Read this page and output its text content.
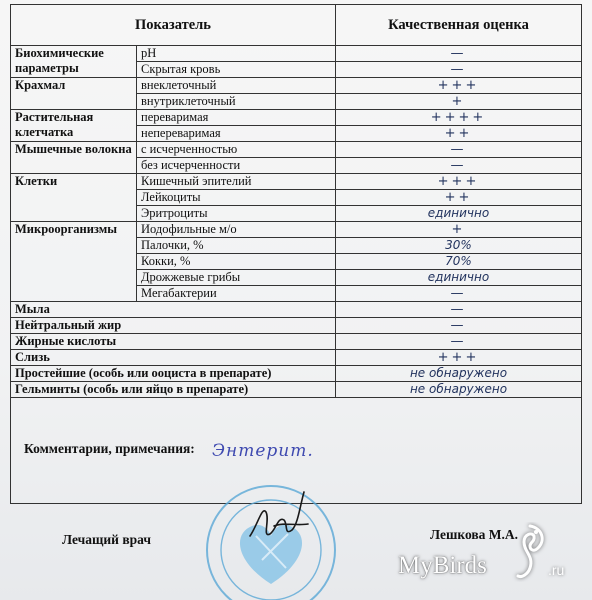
Показатель		Качественная оценка
Биохимические параметры	pH	—
	Скрытая кровь	—
Крахмал	внеклеточный	+++
	внутриклеточный	+
Растительная клетчатка	переваримая	++++
	непереваримая	++
Мышечные волокна	с исчерченностью	—
	без исчерченности	—
Клетки	Кишечный эпителий	+++
	Лейкоциты	++
	Эритроциты	единично
Микроорганизмы	Иодофильные м/о	+
	Палочки, %	30%
	Кокки, %	70%
	Дрожжевые грибы	единично
	Мегабактерии	—
Мыла		—
Нейтральный жир		—
Жирные кислоты		—
Слизь		+++
Простейшие (особь или ооциста в препарате)		не обнаружено
Гельминты (особь или яйцо в препарате)		не обнаружено
Комментарии, примечания: Энтерит.
Лечащий врач	Лешкова М.А.
MyBirds	.ru
